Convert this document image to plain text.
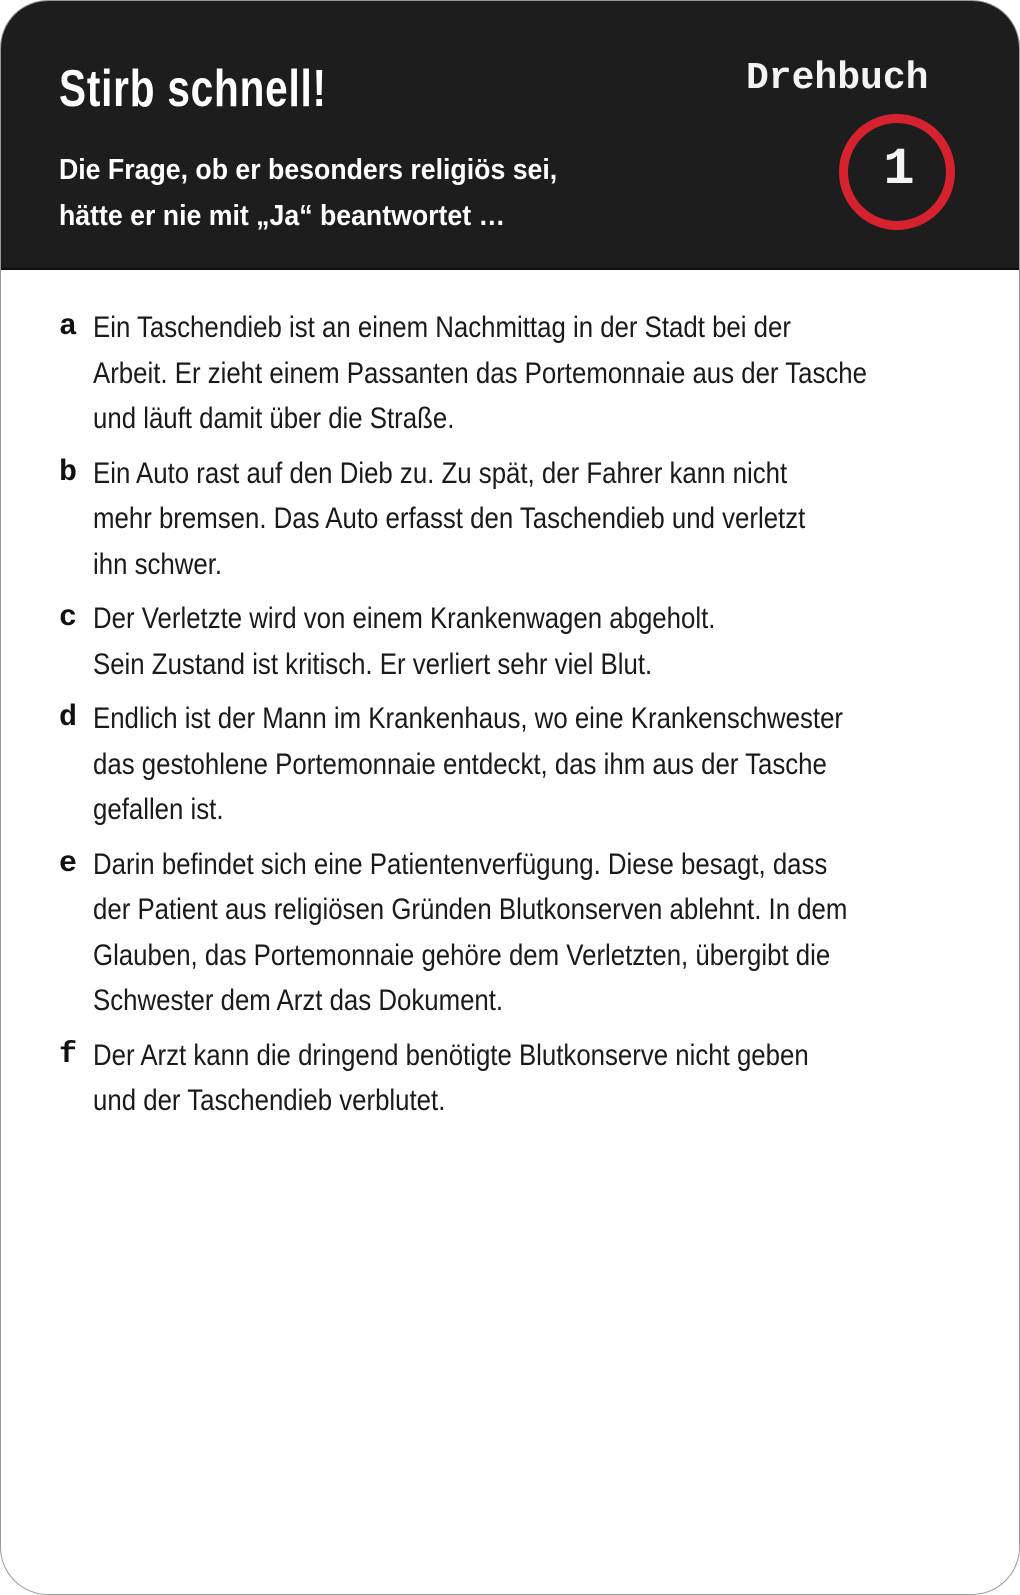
Stirb schnell!

Die Frage, ob er besonders religiös sei,
hätte er nie mit „Ja“ beantwortet …

Drehbuch
1
a Ein Taschendieb ist an einem Nachmittag in der Stadt bei der
Arbeit. Er zieht einem Passanten das Portemonnaie aus der Tasche
und läuft damit über die Straße.
b Ein Auto rast auf den Dieb zu. Zu spät, der Fahrer kann nicht
mehr bremsen. Das Auto erfasst den Taschendieb und verletzt
ihn schwer.
c Der Verletzte wird von einem Krankenwagen abgeholt.
Sein Zustand ist kritisch. Er verliert sehr viel Blut.
d Endlich ist der Mann im Krankenhaus, wo eine Krankenschwester
das gestohlene Portemonnaie entdeckt, das ihm aus der Tasche
gefallen ist.
e Darin befindet sich eine Patientenverfügung. Diese besagt, dass
der Patient aus religiösen Gründen Blutkonserven ablehnt. In dem
Glauben, das Portemonnaie gehöre dem Verletzten, übergibt die
Schwester dem Arzt das Dokument.
f Der Arzt kann die dringend benötigte Blutkonserve nicht geben
und der Taschendieb verblutet.
